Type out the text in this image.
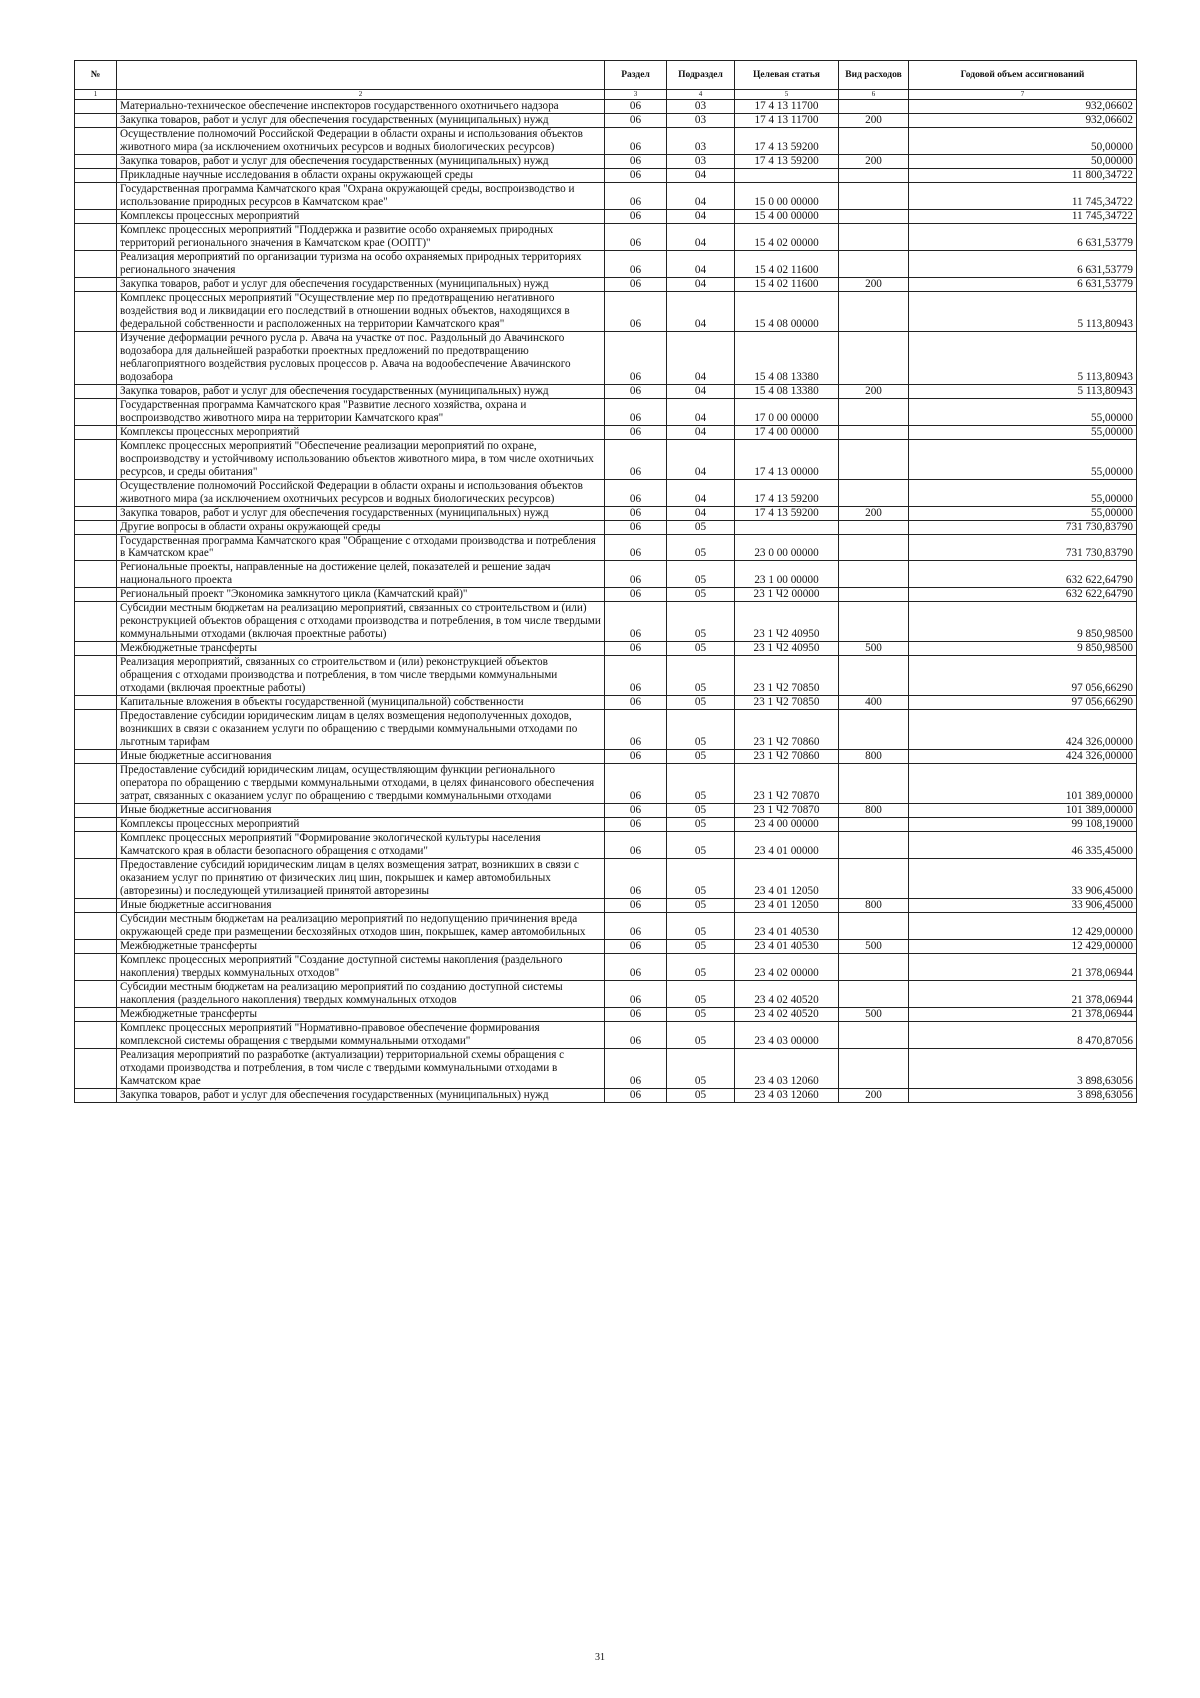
№		Раздел	Подраздел	Целевая статья	Вид расходов	Годовой объем ассигнований
1	2	3	4	5	6	7
	Материально-техническое обеспечение инспекторов государственного охотничьего надзора	06	03	17 4 13 11700		932,06602
	Закупка товаров, работ и услуг для обеспечения государственных (муниципальных) нужд	06	03	17 4 13 11700	200	932,06602
	Осуществление полномочий Российской Федерации в области охраны и использования объектов животного мира (за исключением охотничьих ресурсов и водных биологических ресурсов)	06	03	17 4 13 59200		50,00000
	Закупка товаров, работ и услуг для обеспечения государственных (муниципальных) нужд	06	03	17 4 13 59200	200	50,00000
	Прикладные научные исследования в области охраны окружающей среды	06	04			11 800,34722
	Государственная программа Камчатского края "Охрана окружающей среды, воспроизводство и использование природных ресурсов в Камчатском крае"	06	04	15 0 00 00000		11 745,34722
	Комплексы процессных мероприятий	06	04	15 4 00 00000		11 745,34722
	Комплекс процессных мероприятий "Поддержка и развитие особо охраняемых природных территорий регионального значения в Камчатском крае (ООПТ)"	06	04	15 4 02 00000		6 631,53779
	Реализация мероприятий по организации туризма на особо охраняемых природных территориях регионального значения	06	04	15 4 02 11600		6 631,53779
	Закупка товаров, работ и услуг для обеспечения государственных (муниципальных) нужд	06	04	15 4 02 11600	200	6 631,53779
	Комплекс процессных мероприятий "Осуществление мер по предотвращению негативного воздействия вод и ликвидации его последствий в отношении водных объектов, находящихся в федеральной собственности и расположенных на территории Камчатского края"	06	04	15 4 08 00000		5 113,80943
	Изучение деформации речного русла р. Авача на участке от пос. Раздольный до Авачинского водозабора для дальнейшей разработки проектных предложений по предотвращению неблагоприятного воздействия русловых процессов р. Авача на водообеспечение Авачинского водозабора	06	04	15 4 08 13380		5 113,80943
	Закупка товаров, работ и услуг для обеспечения государственных (муниципальных) нужд	06	04	15 4 08 13380	200	5 113,80943
	Государственная программа Камчатского края "Развитие лесного хозяйства, охрана и воспроизводство животного мира на территории Камчатского края"	06	04	17 0 00 00000		55,00000
	Комплексы процессных мероприятий	06	04	17 4 00 00000		55,00000
	Комплекс процессных мероприятий "Обеспечение реализации мероприятий по охране, воспроизводству и устойчивому использованию объектов животного мира, в том числе охотничьих ресурсов, и среды обитания"	06	04	17 4 13 00000		55,00000
	Осуществление полномочий Российской Федерации в области охраны и использования объектов животного мира (за исключением охотничьих ресурсов и водных биологических ресурсов)	06	04	17 4 13 59200		55,00000
	Закупка товаров, работ и услуг для обеспечения государственных (муниципальных) нужд	06	04	17 4 13 59200	200	55,00000
	Другие вопросы в области охраны окружающей среды	06	05			731 730,83790
	Государственная программа Камчатского края "Обращение с отходами производства и потребления в Камчатском крае"	06	05	23 0 00 00000		731 730,83790
	Региональные проекты, направленные на достижение целей, показателей и решение задач национального проекта	06	05	23 1 00 00000		632 622,64790
	Региональный проект "Экономика замкнутого цикла (Камчатский край)"	06	05	23 1 Ч2 00000		632 622,64790
	Субсидии местным бюджетам на реализацию мероприятий, связанных со строительством и (или) реконструкцией объектов обращения с отходами производства и потребления, в том числе твердыми коммунальными отходами (включая проектные работы)	06	05	23 1 Ч2 40950		9 850,98500
	Межбюджетные трансферты	06	05	23 1 Ч2 40950	500	9 850,98500
	Реализация мероприятий, связанных со строительством и (или) реконструкцией объектов обращения с отходами производства и потребления, в том числе твердыми коммунальными отходами (включая проектные работы)	06	05	23 1 Ч2 70850		97 056,66290
	Капитальные вложения в объекты государственной (муниципальной) собственности	06	05	23 1 Ч2 70850	400	97 056,66290
	Предоставление субсидии юридическим лицам в целях возмещения недополученных доходов, возникших в связи с оказанием услуги по обращению с твердыми коммунальными отходами по льготным тарифам	06	05	23 1 Ч2 70860		424 326,00000
	Иные бюджетные ассигнования	06	05	23 1 Ч2 70860	800	424 326,00000
	Предоставление субсидий юридическим лицам, осуществляющим функции регионального оператора по обращению с твердыми коммунальными отходами, в целях финансового обеспечения затрат, связанных с оказанием услуг по обращению с твердыми коммунальными отходами	06	05	23 1 Ч2 70870		101 389,00000
	Иные бюджетные ассигнования	06	05	23 1 Ч2 70870	800	101 389,00000
	Комплексы процессных мероприятий	06	05	23 4 00 00000		99 108,19000
	Комплекс процессных мероприятий "Формирование экологической культуры населения Камчатского края в области безопасного обращения с отходами"	06	05	23 4 01 00000		46 335,45000
	Предоставление субсидий юридическим лицам в целях возмещения затрат, возникших в связи с оказанием услуг по принятию от физических лиц шин, покрышек и камер автомобильных (авторезины) и последующей утилизацией принятой авторезины	06	05	23 4 01 12050		33 906,45000
	Иные бюджетные ассигнования	06	05	23 4 01 12050	800	33 906,45000
	Субсидии местным бюджетам на реализацию мероприятий по недопущению причинения вреда окружающей среде при размещении бесхозяйных отходов шин, покрышек, камер автомобильных	06	05	23 4 01 40530		12 429,00000
	Межбюджетные трансферты	06	05	23 4 01 40530	500	12 429,00000
	Комплекс процессных мероприятий "Создание доступной системы накопления (раздельного накопления) твердых коммунальных отходов"	06	05	23 4 02 00000		21 378,06944
	Субсидии местным бюджетам на реализацию мероприятий по созданию доступной системы накопления (раздельного накопления) твердых коммунальных отходов	06	05	23 4 02 40520		21 378,06944
	Межбюджетные трансферты	06	05	23 4 02 40520	500	21 378,06944
	Комплекс процессных мероприятий "Нормативно-правовое обеспечение формирования комплексной системы обращения с твердыми коммунальными отходами"	06	05	23 4 03 00000		8 470,87056
	Реализация мероприятий по разработке (актуализации) территориальной схемы обращения с отходами производства и потребления, в том числе с твердыми коммунальными отходами в Камчатском крае	06	05	23 4 03 12060		3 898,63056
	Закупка товаров, работ и услуг для обеспечения государственных (муниципальных) нужд	06	05	23 4 03 12060	200	3 898,63056
31
